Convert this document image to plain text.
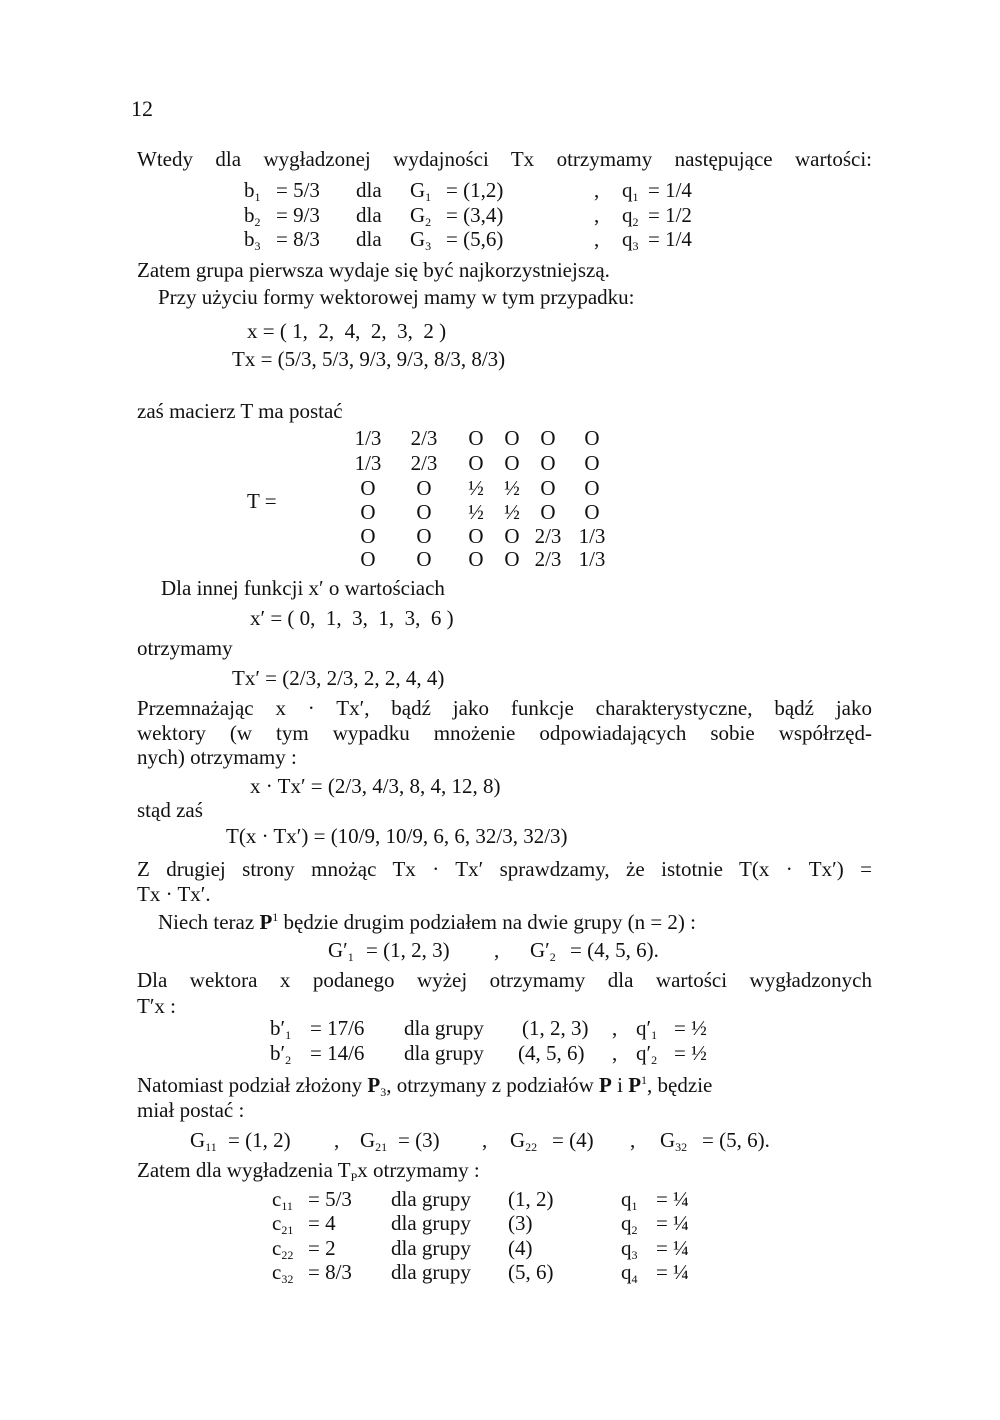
12
Wtedy dla wygładzonej wydajności Tx otrzymamy następujące wartości:
$b_1 = 5/3$ dla $G_1 = (1,2)$	, $q_1 = 1/4$
$b_2 = 9/3$ dla $G_2 = (3,4)$	, $q_2 = 1/2$
$b_3 = 8/3$ dla $G_3 = (5,6)$	, $q_3 = 1/4$
Zatem grupa pierwsza wydaje się być najkorzystniejszą.
Przy użyciu formy wektorowej mamy w tym przypadku:
x = ( 1,  2,  4,  2,  3,  2 )
Tx = (5/3, 5/3, 9/3, 9/3, 8/3, 8/3)
zaś macierz T ma postać
T =
1/3	2/3	O O O	O
1/3	2/3	O O O	O
O	O	½ ½ O	O
O	O	½ ½ O	O
O	O	O O 2/3 1/3
O	O	O O 2/3 1/3
Dla innej funkcji x′ o wartościach
x′ = ( 0,  1,  3,  1,  3,  6 )
otrzymamy
Tx′ = (2/3, 2/3, 2, 2, 4, 4)
Przemnażając x · Tx′, bądź jako funkcje charakterystyczne, bądź jako
wektory (w tym wypadku mnożenie odpowiadających sobie współrzęd-
nych) otrzymamy :
x · Tx′ = (2/3, 4/3, 8, 4, 12, 8)
stąd zaś
T(x · Tx′) = (10/9, 10/9, 6, 6, 32/3, 32/3)
Z drugiej strony mnożąc Tx · Tx′ sprawdzamy, że istotnie T(x · Tx′) =
Tx · Tx′.
Niech teraz $P^1$ będzie drugim podziałem na dwie grupy (n = 2) :
$G'_1 = (1$, 2, 3) , $G'_2 = (4$, 5, 6).
Dla wektora x podanego wyżej otrzymamy dla wartości wygładzonych
T′x :
$b'_1 = 17/6$ dla grupy (1, 2, 3) , $q'_1$ = ½
$b'_2 = 14/6$ dla grupy (4, 5, 6) , $q'_2$ = ½
Natomiast podział złożony $P_3$, otrzymany z podziałów P i $P^1$, będzie
miał postać :
$G_{11} = (1$, 2) , $G_{21} = (3)$ , $G_{22} = (4)$ , $G_{32} = (5$, 6).
Zatem dla wygładzenia $T_Px$ otrzymamy :
$c_{11} = 5/3$ dla grupy (1, 2)	$q_1$ = ¼
$c_{21} = 4$	dla grupy (3)	$q_2$ = ¼
$c_{22} = 2$	dla grupy (4)	$q_3$ = ¼
$c_{32} = 8/3$ dla grupy (5, 6)	$q_4$ = ¼
